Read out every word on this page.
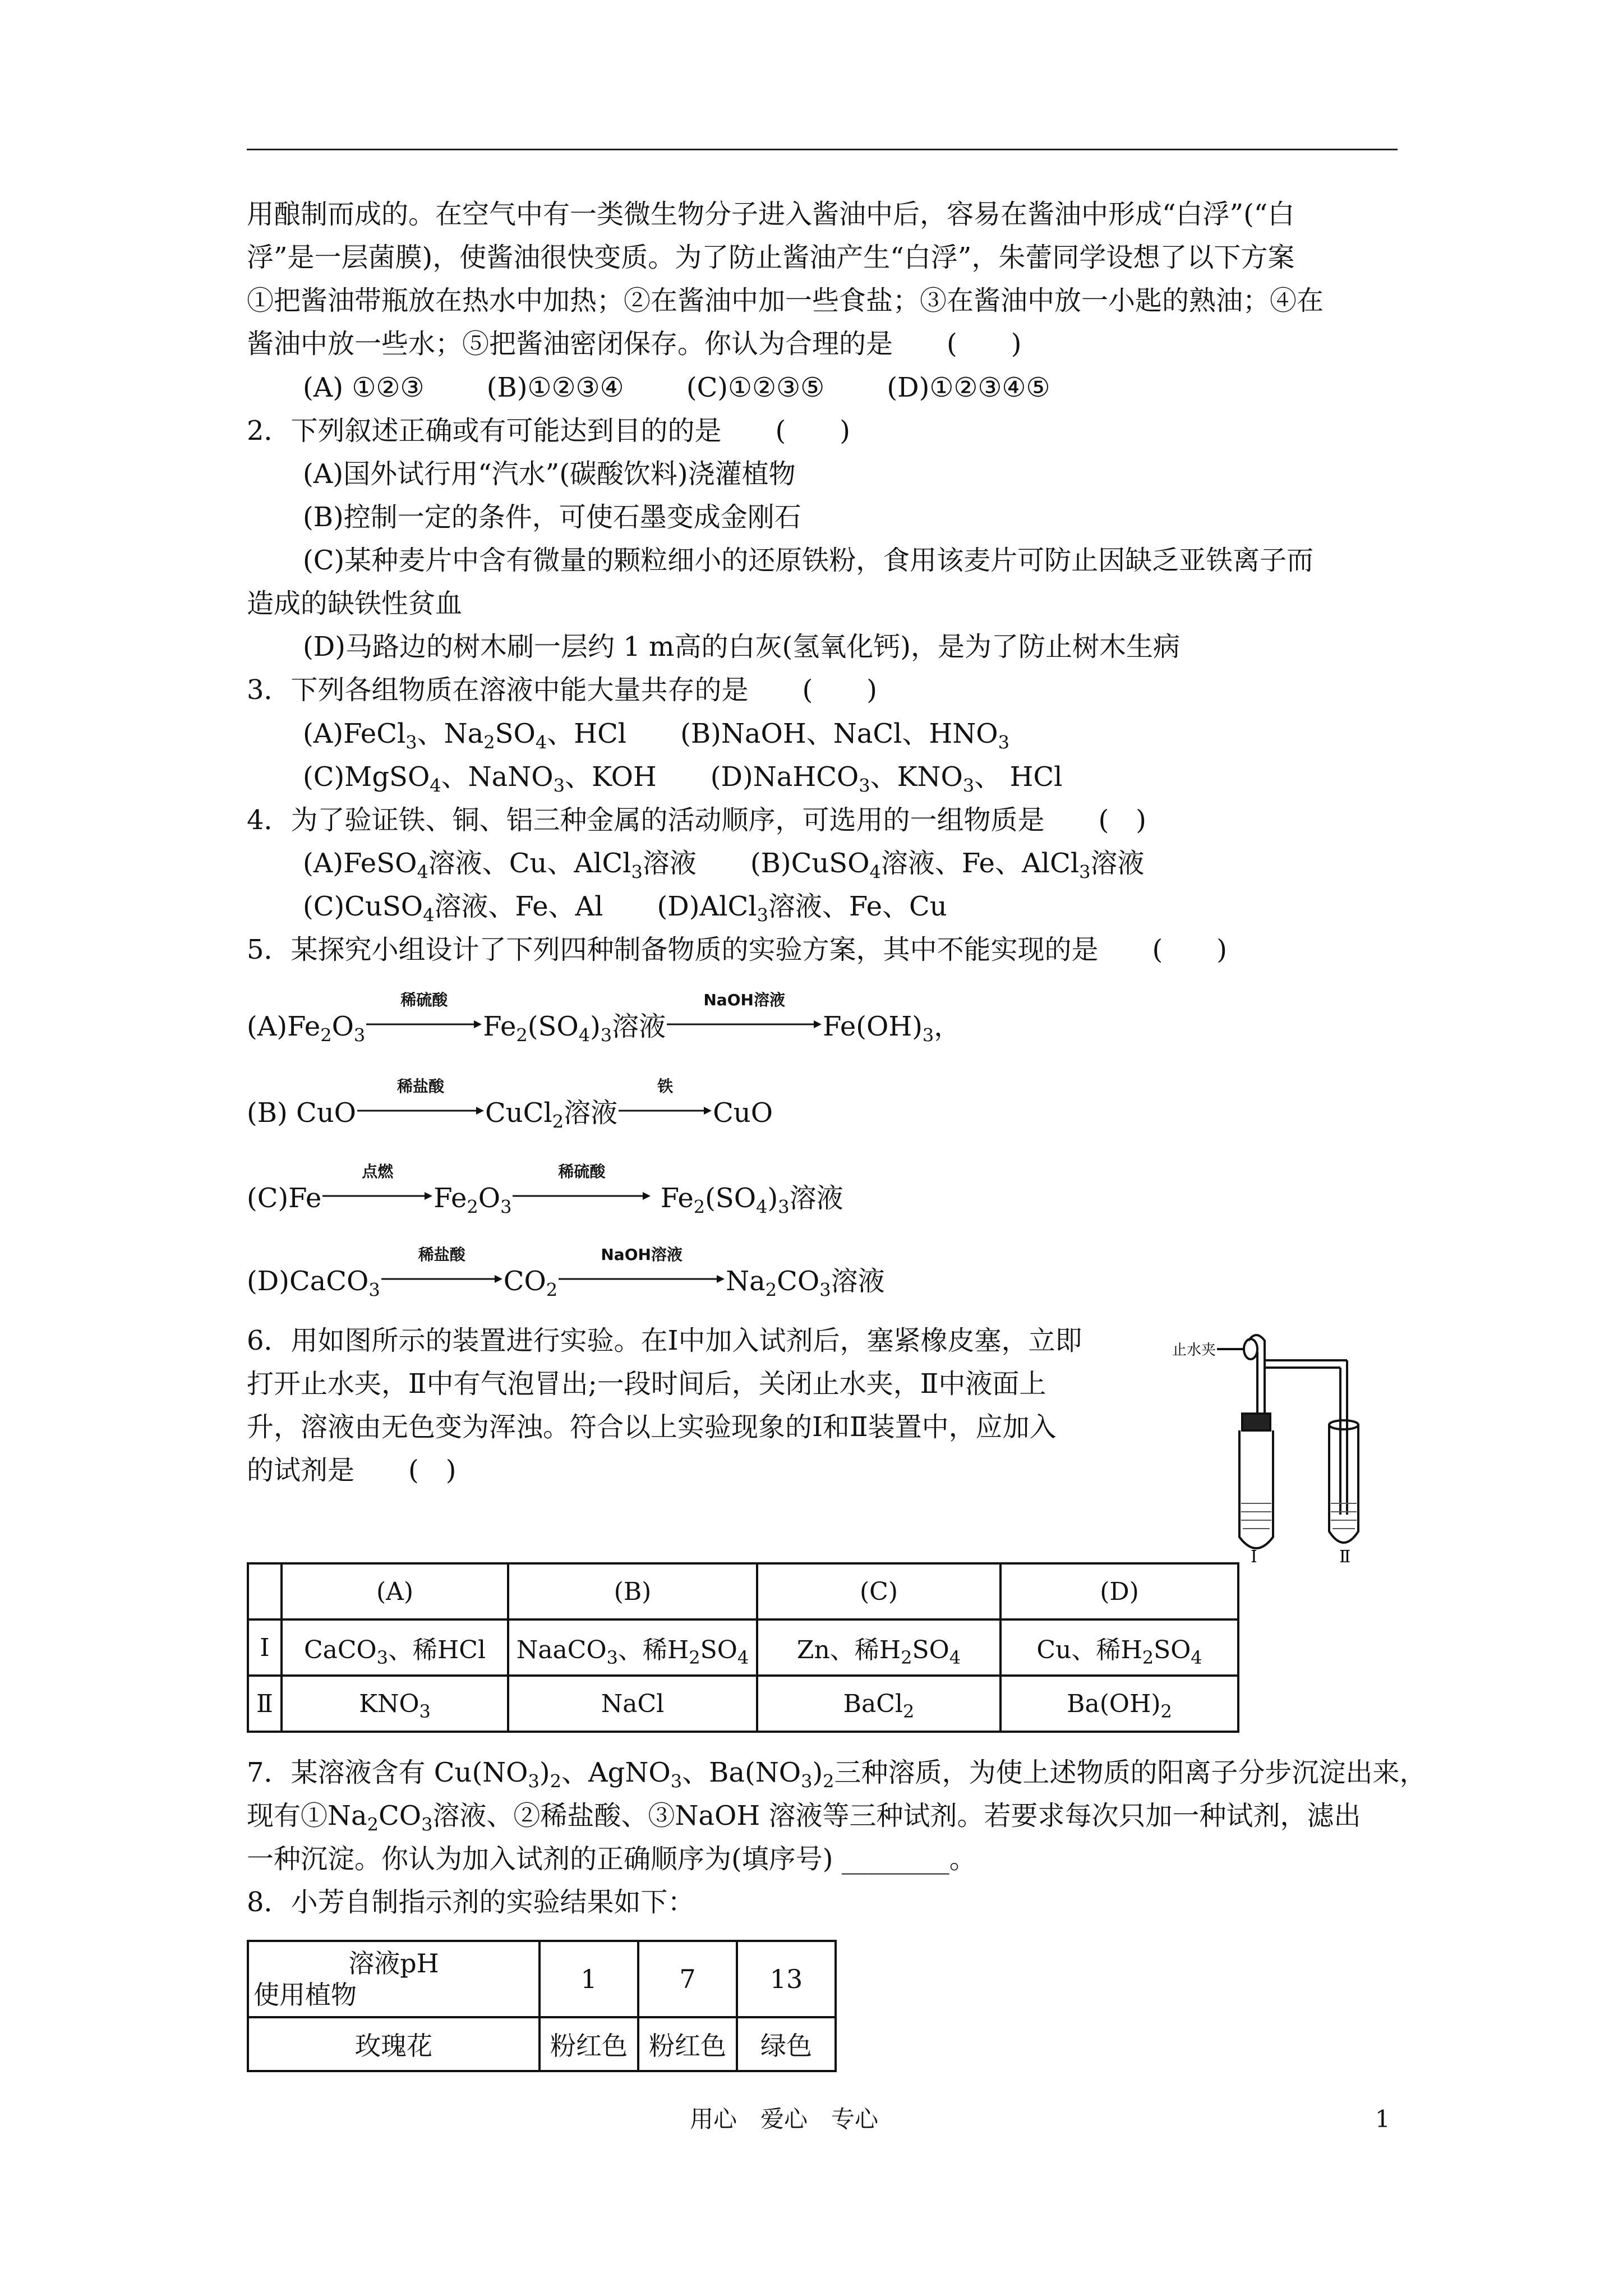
用酿制而成的。在空气中有一类微生物分子进入酱油中后，容易在酱油中形成“白浮”(“白
浮”是一层菌膜)，使酱油很快变质。为了防止酱油产生“白浮”，朱蕾同学设想了以下方案
①把酱油带瓶放在热水中加热；②在酱油中加一些食盐；③在酱油中放一小匙的熟油；④在
酱油中放一些水；⑤把酱油密闭保存。你认为合理的是　　(　　)
(A) ①②③　　 (B)①②③④　　 (C)①②③⑤　　 (D)①②③④⑤
2．下列叙述正确或有可能达到目的的是　　(　　)
(A)国外试行用“汽水”(碳酸饮料)浇灌植物
(B)控制一定的条件，可使石墨变成金刚石
(C)某种麦片中含有微量的颗粒细小的还原铁粉，食用该麦片可防止因缺乏亚铁离子而
造成的缺铁性贫血
(D)马路边的树木刷一层约 1 m高的白灰(氢氧化钙)，是为了防止树木生病
3．下列各组物质在溶液中能大量共存的是　　(　　)
(A)FeCl$_3$、$Na_2SO_4$、HCl　　(B)NaOH、NaCl、$HNO_3$
(C)MgSO$_4$、NaNO$_3$、KOH　　(D)NaHCO$_3$、$KNO_3$、 HCl
4．为了验证铁、铜、铝三种金属的活动顺序，可选用的一组物质是　　(　)
(A)FeSO$_4$溶液、Cu、AlCl$_3$溶液　　(B)CuSO$_4$溶液、Fe、AlCl$_3$溶液
(C)CuSO$_4$溶液、Fe、Al　　(D)AlCl$_3$溶液、Fe、Cu
5．某探究小组设计了下列四种制备物质的实验方案，其中不能实现的是　　(　　)
$(A)Fe_2O_3$
稀硫酸
$Fe_2(SO_4)_3$溶液
NaOH溶液
$Fe(OH)_3$，
(B) CuO
稀盐酸
CuCl$_2$溶液
铁
CuO
(C)Fe
点燃
$Fe_2O_3$
稀硫酸
$Fe_2(SO_4)_3$溶液
(D)CaCO$_3$
稀盐酸
$CO_2$
NaOH溶液
$Na_2CO_3$溶液
6．用如图所示的装置进行实验。在Ⅰ中加入试剂后，塞紧橡皮塞，立即
打开止水夹，Ⅱ中有气泡冒出;一段时间后，关闭止水夹，Ⅱ中液面上
升，溶液由无色变为浑浊。符合以上实验现象的Ⅰ和Ⅱ装置中，应加入
的试剂是　　(　)
止水夹
Ⅰ	Ⅱ
	(A)	(B)	(C)	(D)
Ⅰ	CaCO$_3$、稀HCl	NaaCO$_3$、稀$H_2SO_4$	Zn、稀$H_2SO_4$	Cu、稀$H_2SO_4$
Ⅱ	$KNO_3$	NaCl	BaCl$_2$	$Ba(OH)_2$
7．某溶液含有 $Cu(NO_3)_2$、AgNO$_3$、$Ba(NO_3)_2$三种溶质，为使上述物质的阳离子分步沉淀出来，
现有$①Na_2CO_3$溶液、②稀盐酸、③NaOH 溶液等三种试剂。若要求每次只加一种试剂，滤出
一种沉淀。你认为加入试剂的正确顺序为(填序号) ________。
8．小芳自制指示剂的实验结果如下：
溶液pH
使用植物	1	7	13
玫瑰花	粉红色	粉红色	绿色
用心　爱心　专心	1
